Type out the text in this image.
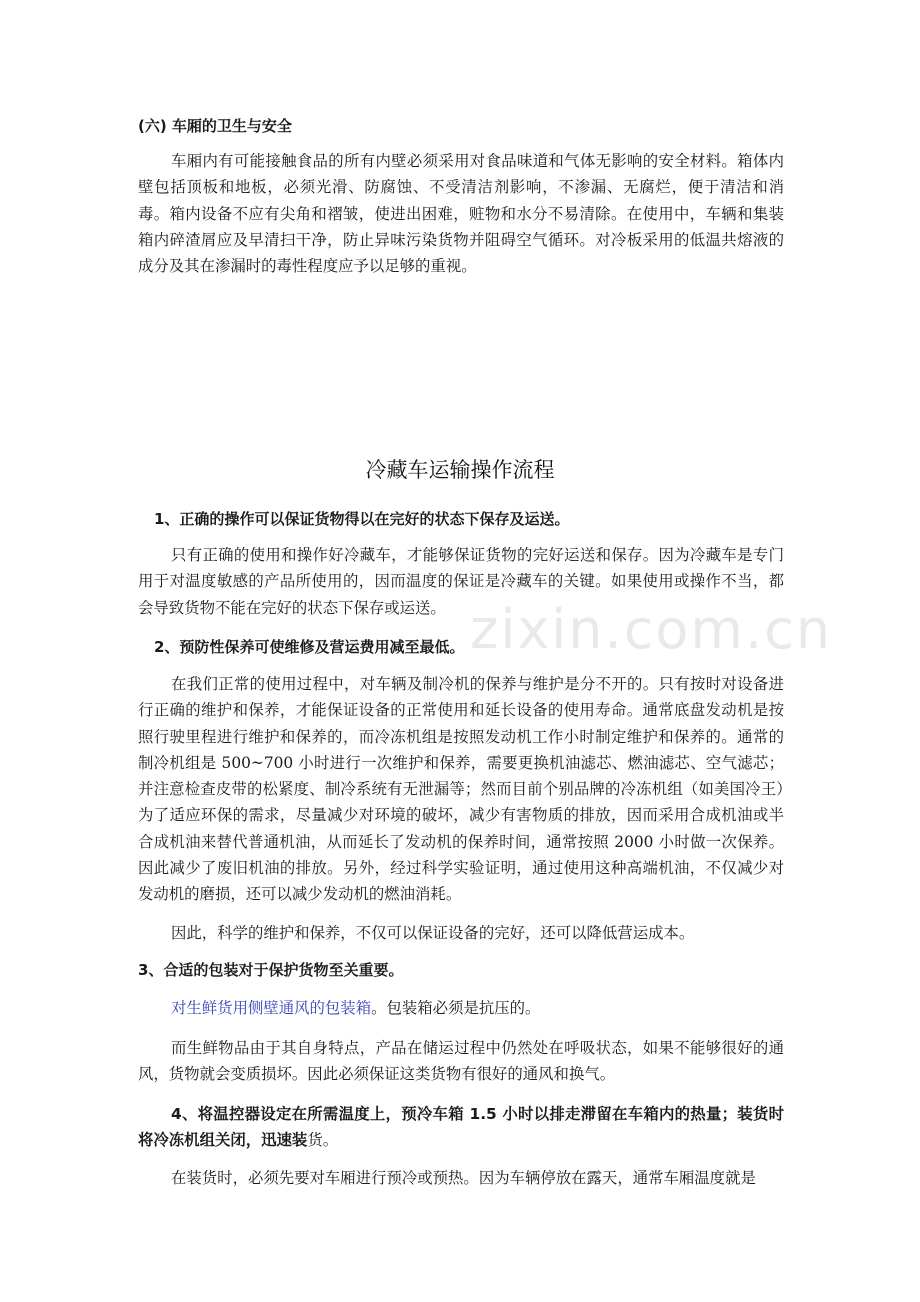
(六) 车厢的卫生与安全

车厢内有可能接触食品的所有内壁必须采用对食品味道和气体无影响的安全材料。箱体内壁包括顶板和地板，必须光滑、防腐蚀、不受清洁剂影响，不渗漏、无腐烂，便于清洁和消毒。箱内设备不应有尖角和褶皱，使进出困难，赃物和水分不易清除。在使用中，车辆和集装箱内碎渣屑应及早清扫干净，防止异味污染货物并阻碍空气循环。对冷板采用的低温共熔液的成分及其在渗漏时的毒性程度应予以足够的重视。

zixin.com.cn
冷藏车运输操作流程

1、正确的操作可以保证货物得以在完好的状态下保存及运送。

只有正确的使用和操作好冷藏车，才能够保证货物的完好运送和保存。因为冷藏车是专门用于对温度敏感的产品所使用的，因而温度的保证是冷藏车的关键。如果使用或操作不当，都会导致货物不能在完好的状态下保存或运送。

2、预防性保养可使维修及营运费用减至最低。

在我们正常的使用过程中，对车辆及制冷机的保养与维护是分不开的。只有按时对设备进行正确的维护和保养，才能保证设备的正常使用和延长设备的使用寿命。通常底盘发动机是按照行驶里程进行维护和保养的，而冷冻机组是按照发动机工作小时制定维护和保养的。通常的制冷机组是 500~700 小时进行一次维护和保养，需要更换机油滤芯、燃油滤芯、空气滤芯；并注意检查皮带的松紧度、制冷系统有无泄漏等；然而目前个别品牌的冷冻机组（如美国冷王）为了适应环保的需求，尽量减少对环境的破坏，减少有害物质的排放，因而采用合成机油或半合成机油来替代普通机油，从而延长了发动机的保养时间，通常按照 2000 小时做一次保养。因此减少了废旧机油的排放。另外，经过科学实验证明，通过使用这种高端机油，不仅减少对发动机的磨损，还可以减少发动机的燃油消耗。

因此，科学的维护和保养，不仅可以保证设备的完好，还可以降低营运成本。

3、合适的包装对于保护货物至关重要。

对生鲜货用侧壁通风的包装箱。包装箱必须是抗压的。

而生鲜物品由于其自身特点，产品在储运过程中仍然处在呼吸状态，如果不能够很好的通风，货物就会变质损坏。因此必须保证这类货物有很好的通风和换气。

4、将温控器设定在所需温度上，预冷车箱 1.5 小时以排走滞留在车箱内的热量；装货时将冷冻机组关闭，迅速装货。

在装货时，必须先要对车厢进行预冷或预热。因为车辆停放在露天，通常车厢温度就是
